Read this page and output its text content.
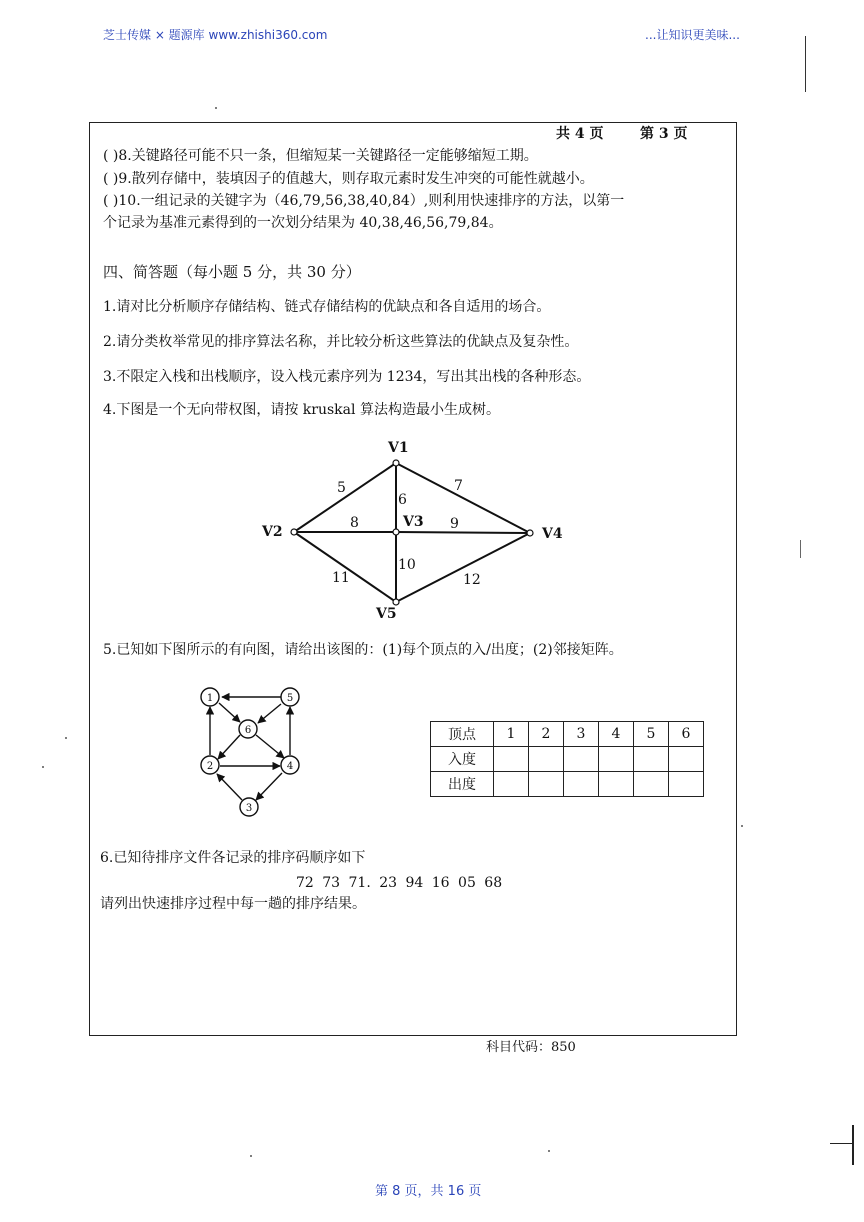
芝士传媒 × 题源库 www.zhishi360.com	...让知识更美味...
共 4 页	第 3 页
( )8.关键路径可能不只一条，但缩短某一关键路径一定能够缩短工期。
( )9.散列存储中，装填因子的值越大，则存取元素时发生冲突的可能性就越小。
( )10.一组记录的关键字为（46,79,56,38,40,84）,则利用快速排序的方法，以第一
个记录为基准元素得到的一次划分结果为 40,38,46,56,79,84。
四、简答题（每小题 5 分，共 30 分）
1.请对比分析顺序存储结构、链式存储结构的优缺点和各自适用的场合。
2.请分类枚举常见的排序算法名称，并比较分析这些算法的优缺点及复杂性。
3.不限定入栈和出栈顺序，设入栈元素序列为 1234，写出其出栈的各种形态。
4.下图是一个无向带权图，请按 kruskal 算法构造最小生成树。
V1
V2
V3
V4
V5
5
6
7
8	9
10
11	12
5.已知如下图所示的有向图，请给出该图的：(1)每个顶点的入/出度；(2)邻接矩阵。
1
2
3
4
5
6	顶点	1	2	3	4	5	6
入度						
出度						
6.已知待排序文件各记录的排序码顺序如下
72 73 71. 23 94 16 05 68
请列出快速排序过程中每一趟的排序结果。
科目代码：850
第 8 页，共 16 页
